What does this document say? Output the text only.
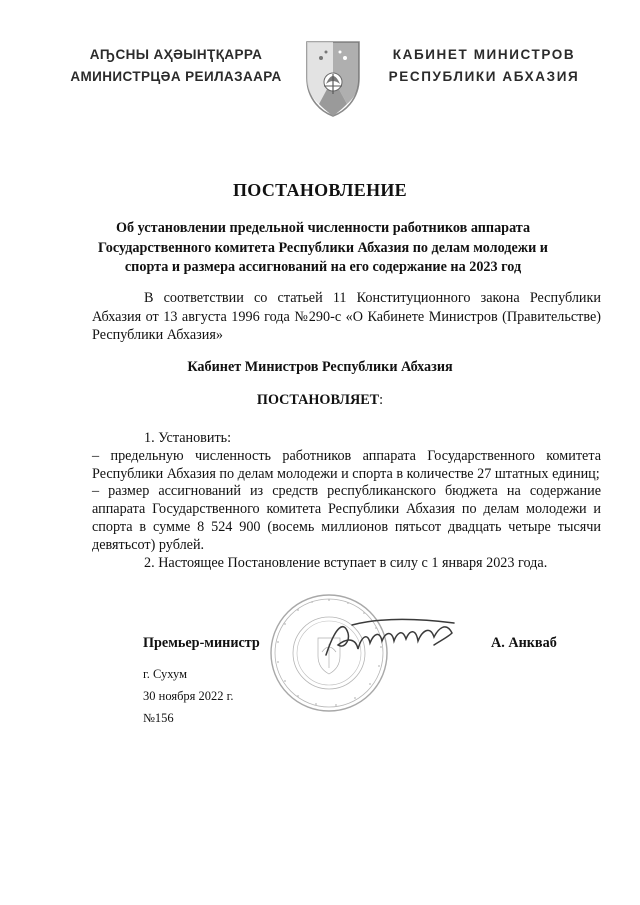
АҦСНЫ АҲӘЫНҬҚАРРА
АМИНИСТРЦӘА РЕИЛАЗААРА
КАБИНЕТ МИНИСТРОВ
РЕСПУБЛИКИ АБХАЗИЯ
ПОСТАНОВЛЕНИЕ
Об установлении предельной численности работников аппарата Государственного комитета Республики Абхазия по делам молодежи и спорта и размера ассигнований на его содержание на 2023 год
В соответствии со статьей 11 Конституционного закона Республики Абхазия от 13 августа 1996 года №290-с «О Кабинете Министров (Правительстве) Республики Абхазия»
Кабинет Министров Республики Абхазия
ПОСТАНОВЛЯЕТ:

1. Установить:

– предельную численность работников аппарата Государственного комитета Республики Абхазия по делам молодежи и спорта в количестве 27 штатных единиц;

– размер ассигнований из средств республиканского бюджета на содержание аппарата Государственного комитета Республики Абхазия по делам молодежи и спорта в сумме 8 524 900 (восемь миллионов пятьсот двадцать четыре тысячи девятьсот) рублей.

2. Настоящее Постановление вступает в силу с 1 января 2023 года.

Премьер-министр	А. Анкваб
г. Сухум
30 ноября 2022 г.
№156
